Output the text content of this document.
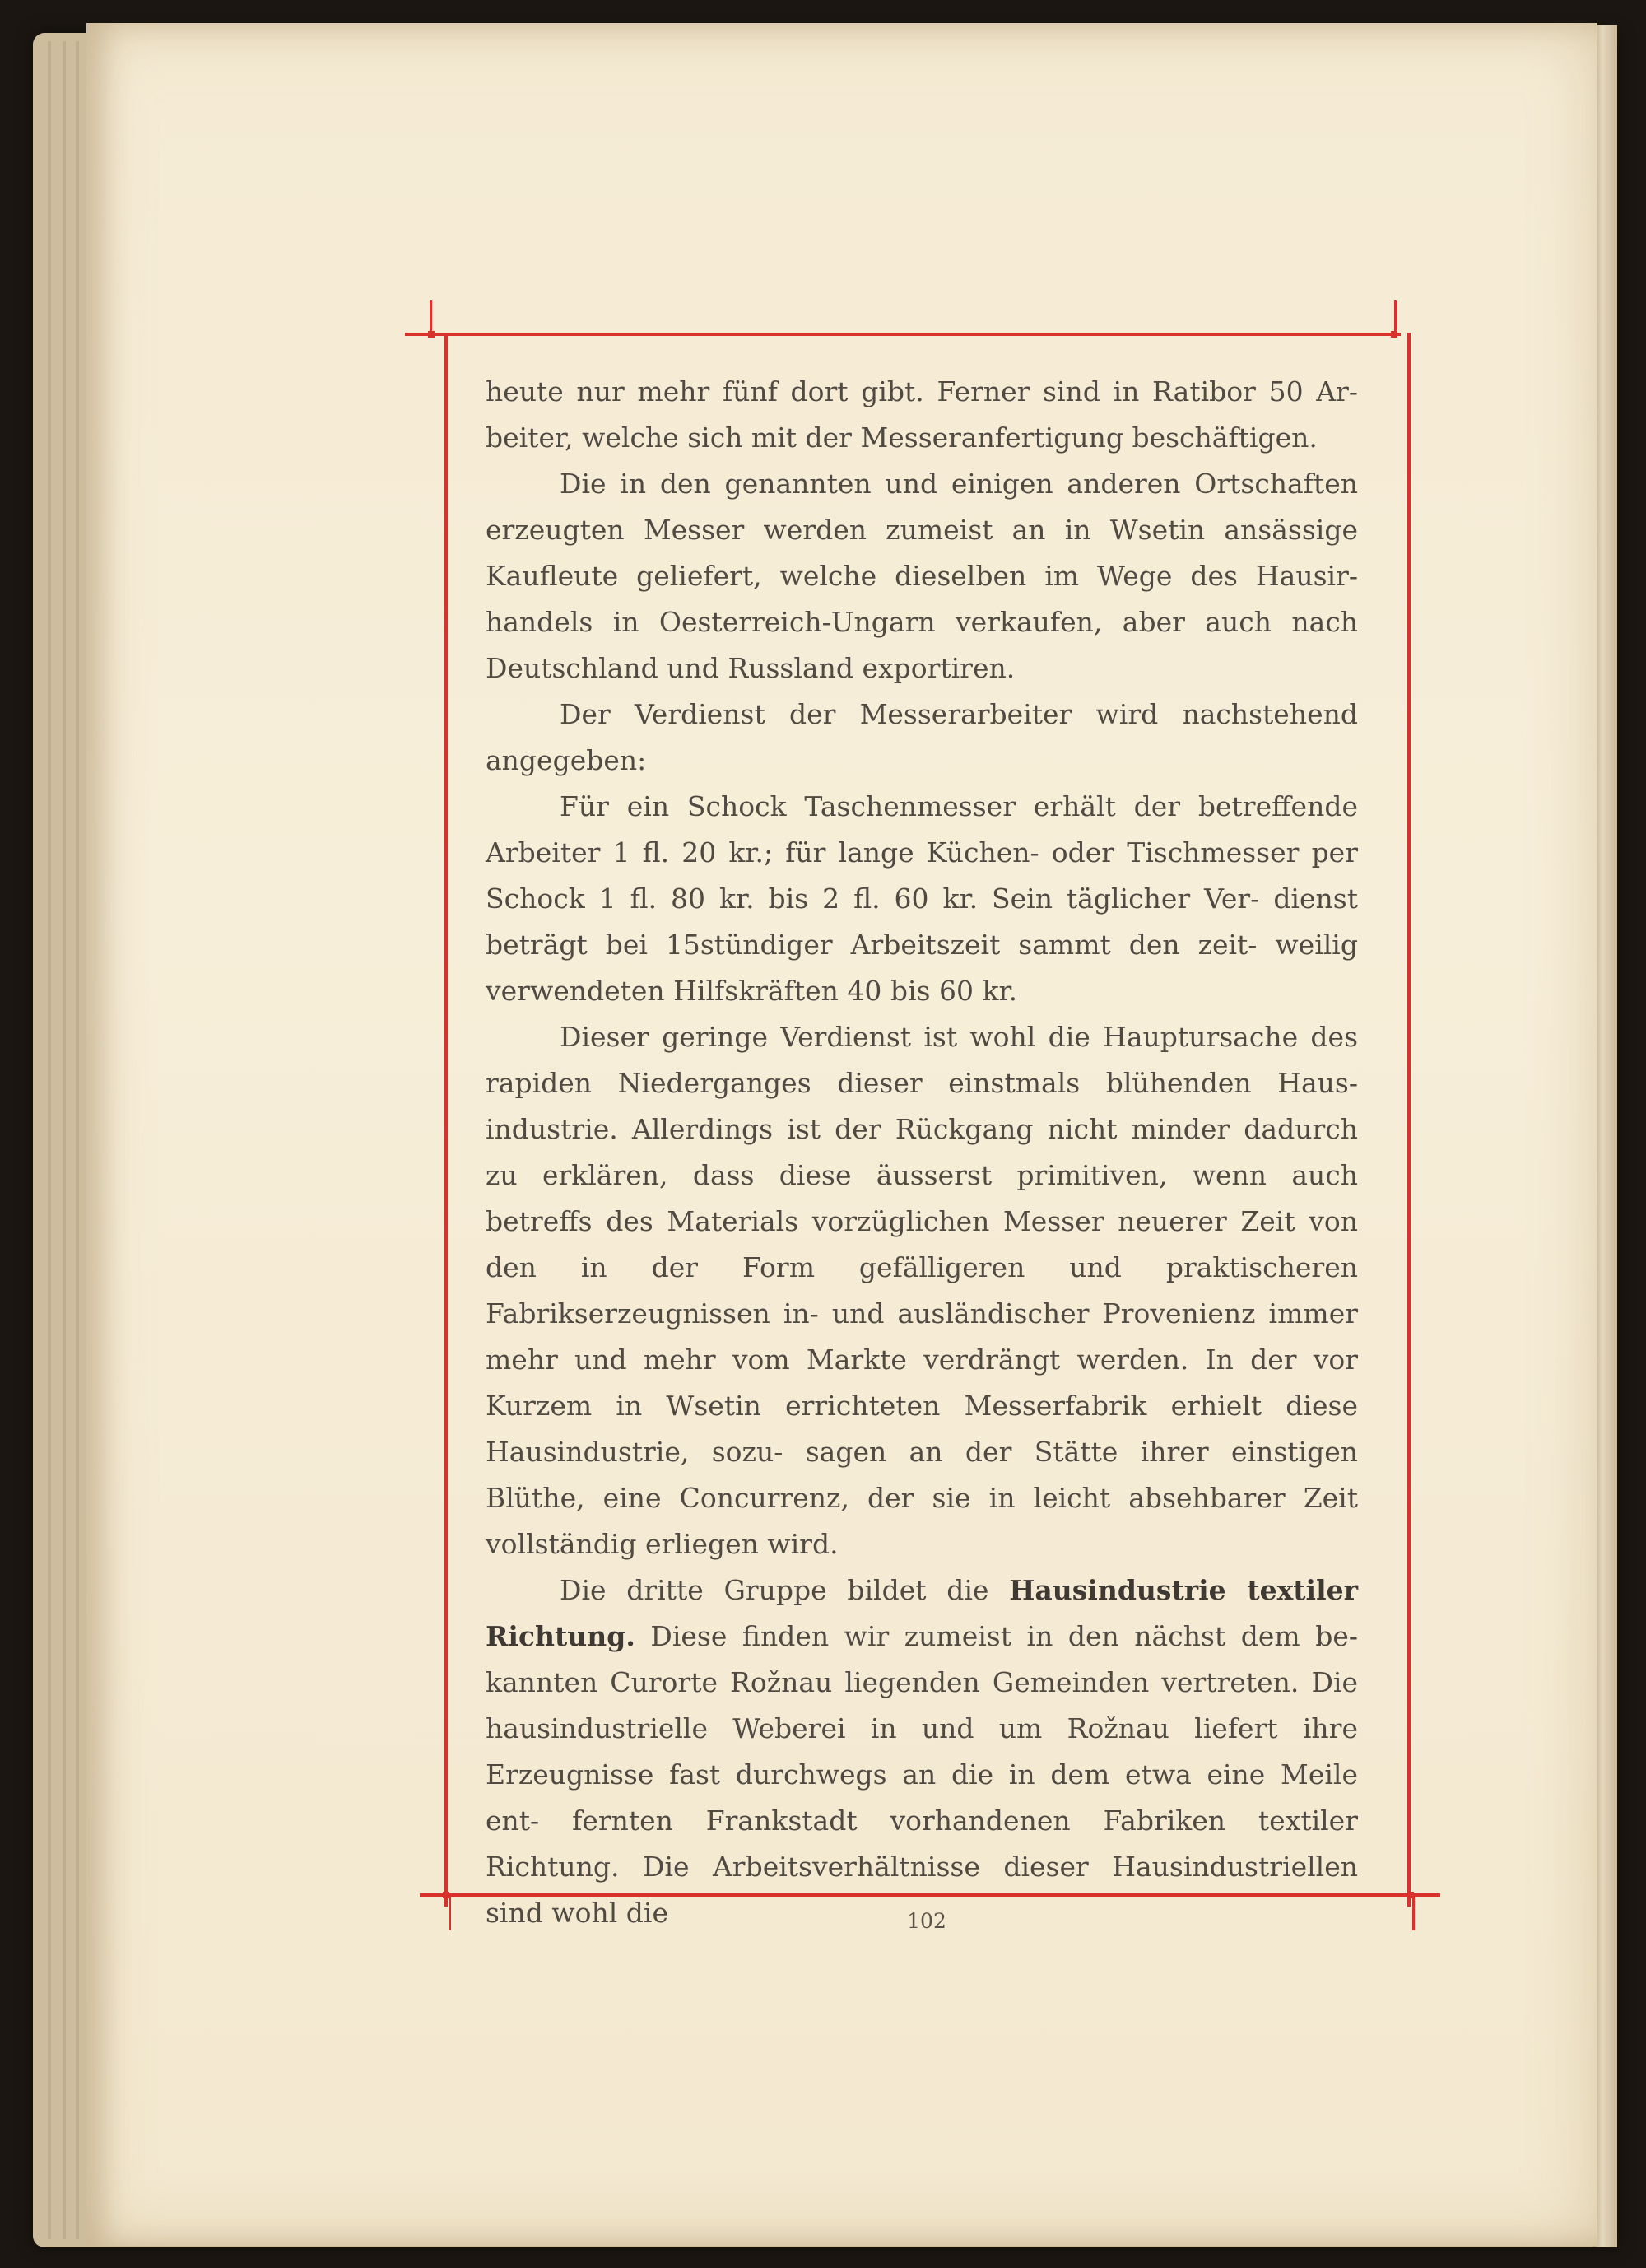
heute nur mehr fünf dort gibt. Ferner sind in Ratibor 50 Ar- beiter, welche sich mit der Messeranfertigung beschäftigen.

Die in den genannten und einigen anderen Ortschaften erzeugten Messer werden zumeist an in Wsetin ansässige Kaufleute geliefert, welche dieselben im Wege des Hausir- handels in Oesterreich-Ungarn verkaufen, aber auch nach Deutschland und Russland exportiren.

Der Verdienst der Messerarbeiter wird nachstehend angegeben:

Für ein Schock Taschenmesser erhält der betreffende Arbeiter 1 fl. 20 kr.; für lange Küchen- oder Tischmesser per Schock 1 fl. 80 kr. bis 2 fl. 60 kr. Sein täglicher Ver- dienst beträgt bei 15stündiger Arbeitszeit sammt den zeit- weilig verwendeten Hilfskräften 40 bis 60 kr.

Dieser geringe Verdienst ist wohl die Hauptursache des rapiden Niederganges dieser einstmals blühenden Haus- industrie. Allerdings ist der Rückgang nicht minder dadurch zu erklären, dass diese äusserst primitiven, wenn auch betreffs des Materials vorzüglichen Messer neuerer Zeit von den in der Form gefälligeren und praktischeren Fabrikserzeugnissen in- und ausländischer Provenienz immer mehr und mehr vom Markte verdrängt werden. In der vor Kurzem in Wsetin errichteten Messerfabrik erhielt diese Hausindustrie, sozu- sagen an der Stätte ihrer einstigen Blüthe, eine Concurrenz, der sie in leicht absehbarer Zeit vollständig erliegen wird.

Die dritte Gruppe bildet die Hausindustrie textiler Richtung. Diese finden wir zumeist in den nächst dem be- kannten Curorte Rožnau liegenden Gemeinden vertreten. Die hausindustrielle Weberei in und um Rožnau liefert ihre Erzeugnisse fast durchwegs an die in dem etwa eine Meile ent- fernten Frankstadt vorhandenen Fabriken textiler Richtung. Die Arbeitsverhältnisse dieser Hausindustriellen sind wohl die	102
